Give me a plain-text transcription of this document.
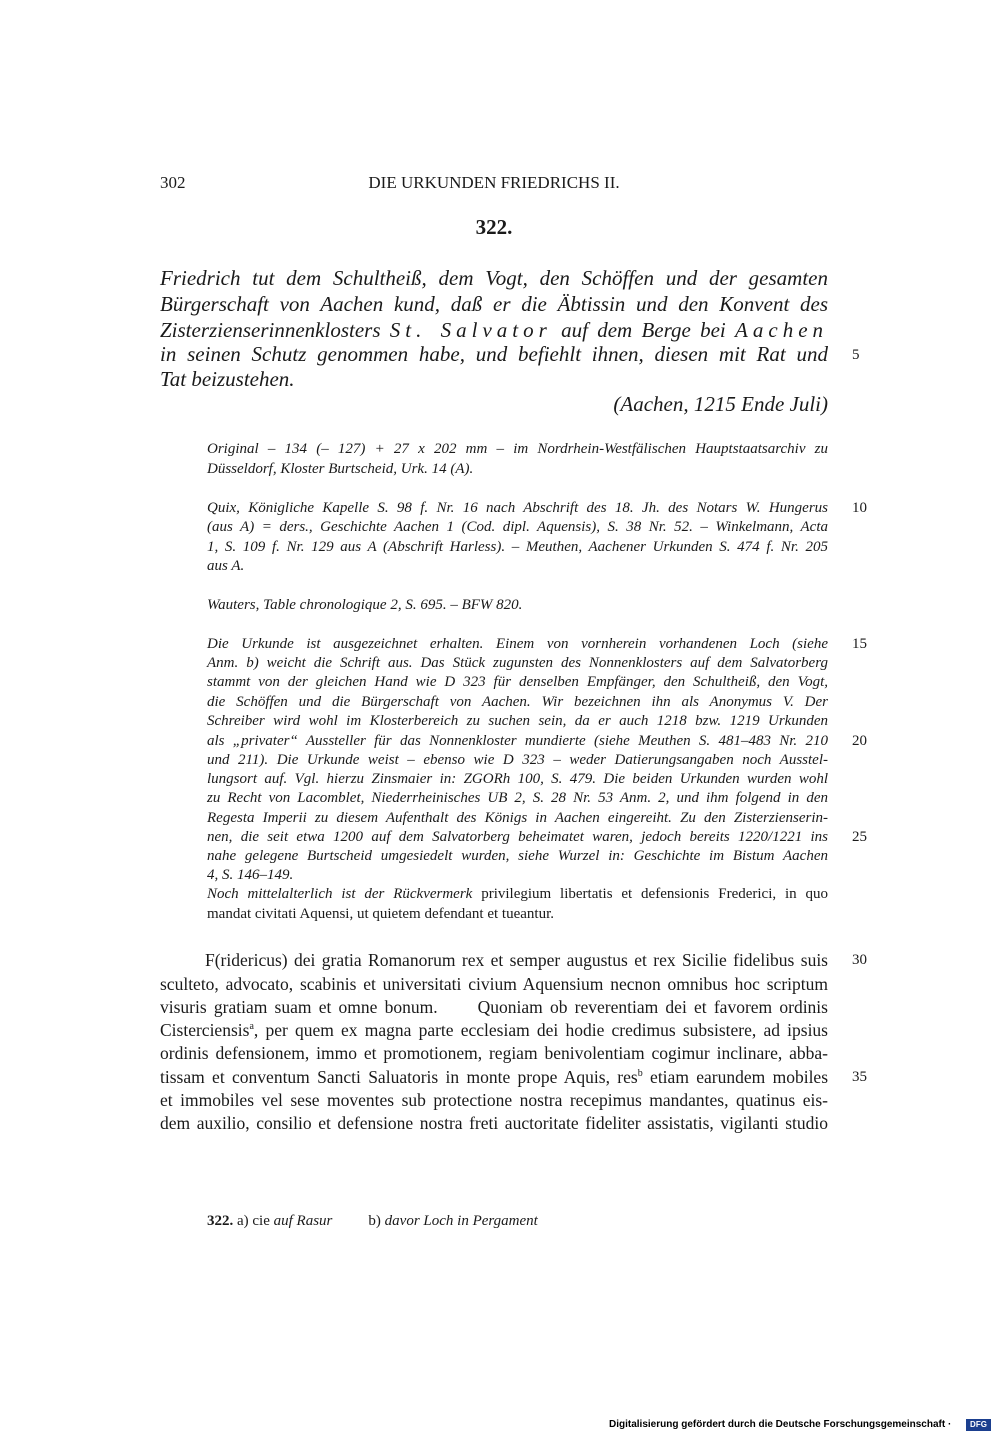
302	DIE URKUNDEN FRIEDRICHS II.
322.
Friedrich tut dem Schultheiß, dem Vogt, den Schöffen und der gesamten
Bürgerschaft von Aachen kund, daß er die Äbtissin und den Konvent des
Zisterzienserinnenklosters St. Salvator auf dem Berge bei Aachen
in seinen Schutz genommen habe, und befiehlt ihnen, diesen mit Rat und
Tat beizustehen.
(Aachen, 1215 Ende Juli)
Original – 134 (– 127) + 27 x 202 mm – im Nordrhein-Westfälischen Hauptstaatsarchiv zu
Düsseldorf, Kloster Burtscheid, Urk. 14 (A).
Quix, Königliche Kapelle S. 98 f. Nr. 16 nach Abschrift des 18. Jh. des Notars W. Hungerus
(aus A) = ders., Geschichte Aachen 1 (Cod. dipl. Aquensis), S. 38 Nr. 52. – Winkelmann, Acta
1, S. 109 f. Nr. 129 aus A (Abschrift Harless). – Meuthen, Aachener Urkunden S. 474 f. Nr. 205
aus A.
Wauters, Table chronologique 2, S. 695. – BFW 820.
Die Urkunde ist ausgezeichnet erhalten. Einem von vornherein vorhandenen Loch (siehe
Anm. b) weicht die Schrift aus. Das Stück zugunsten des Nonnenklosters auf dem Salvatorberg
stammt von der gleichen Hand wie D 323 für denselben Empfänger, den Schultheiß, den Vogt,
die Schöffen und die Bürgerschaft von Aachen. Wir bezeichnen ihn als Anonymus V. Der
Schreiber wird wohl im Klosterbereich zu suchen sein, da er auch 1218 bzw. 1219 Urkunden
als „privater“ Aussteller für das Nonnenkloster mundierte (siehe Meuthen S. 481–483 Nr. 210
und 211). Die Urkunde weist – ebenso wie D 323 – weder Datierungsangaben noch Ausstel-
lungsort auf. Vgl. hierzu Zinsmaier in: ZGORh 100, S. 479. Die beiden Urkunden wurden wohl
zu Recht von Lacomblet, Niederrheinisches UB 2, S. 28 Nr. 53 Anm. 2, und ihm folgend in den
Regesta Imperii zu diesem Aufenthalt des Königs in Aachen eingereiht. Zu den Zisterzienserin-
nen, die seit etwa 1200 auf dem Salvatorberg beheimatet waren, jedoch bereits 1220/1221 ins
nahe gelegene Burtscheid umgesiedelt wurden, siehe Wurzel in: Geschichte im Bistum Aachen
4, S. 146–149.
Noch mittelalterlich ist der Rückvermerk privilegium libertatis et defensionis Frederici, in quo
mandat civitati Aquensi, ut quietem defendant et tueantur.
F(ridericus) dei gratia Romanorum rex et semper augustus et rex Sicilie fidelibus suis
sculteto, advocato, scabinis et universitati civium Aquensium necnon omnibus hoc scriptum
visuris gratiam suam et omne bonum. Quoniam ob reverentiam dei et favorem ordinis
Cisterciensis$^a$, per quem ex magna parte ecclesiam dei hodie credimus subsistere, ad ipsius
ordinis defensionem, immo et promotionem, regiam benivolentiam cogimur inclinare, abba-
tissam et conventum Sancti Saluatoris in monte prope Aquis, res$^b$ etiam earundem mobiles
et immobiles vel sese moventes sub protectione nostra recepimus mandantes, quatinus eis-
dem auxilio, consilio et defensione nostra freti auctoritate fideliter assistatis, vigilanti studio
5
10
15
20
25
30
35
322. a) cie auf Rasur b) davor Loch in Pergament
Digitalisierung gefördert durch die Deutsche Forschungsgemeinschaft ·	DFG
